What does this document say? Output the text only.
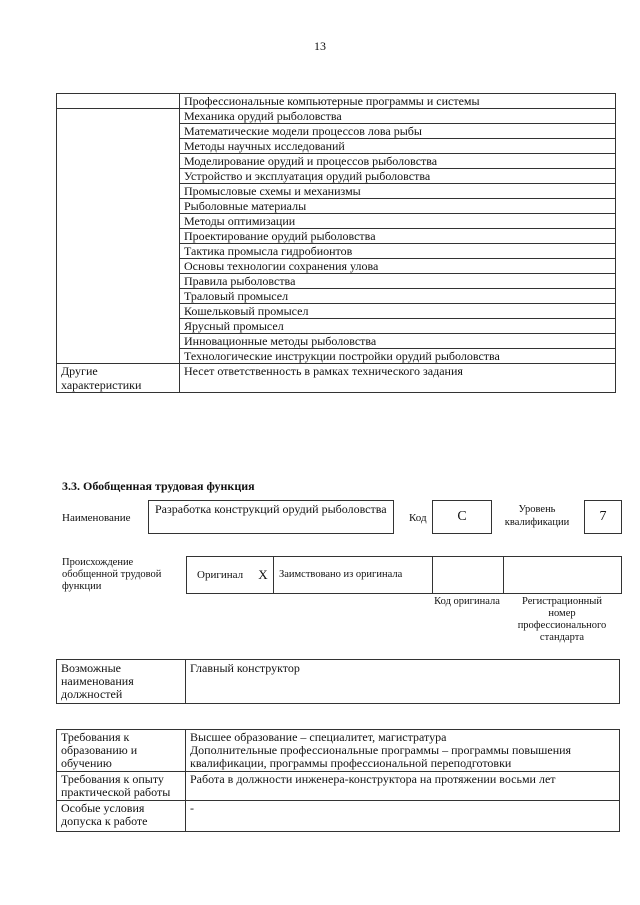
13
	Профессиональные компьютерные программы и системы
	Механика орудий рыболовства
	Математические модели процессов лова рыбы
	Методы научных исследований
	Моделирование орудий и процессов рыболовства
	Устройство и эксплуатация орудий рыболовства
	Промысловые схемы и механизмы
	Рыболовные материалы
	Методы оптимизации
	Проектирование орудий рыболовства
	Тактика промысла гидробионтов
	Основы технологии сохранения улова
	Правила рыболовства
	Траловый промысел
	Кошельковый промысел
	Ярусный промысел
	Инновационные методы рыболовства
	Технологические инструкции постройки орудий рыболовства
Другие характеристики	Несет ответственность в рамках технического задания
3.3. Обобщенная трудовая функция
Наименование
Разработка конструкций орудий рыболовства
Код	С	Уровень квалификации	7
Происхождение обобщенной трудовой функции
Оригинал	Х	Заимствовано из оригинала
Код оригинала	Регистрационный номер профессионального стандарта
Возможные наименования должностей	Главный конструктор
Требования к образованию и обучению	Высшее образование – специалитет, магистратура
Дополнительные профессиональные программы – программы повышения квалификации, программы профессиональной переподготовки

Требования к опыту практической работы	Работа в должности инженера-конструктора на протяжении восьми лет
Особые условия допуска к работе	-
